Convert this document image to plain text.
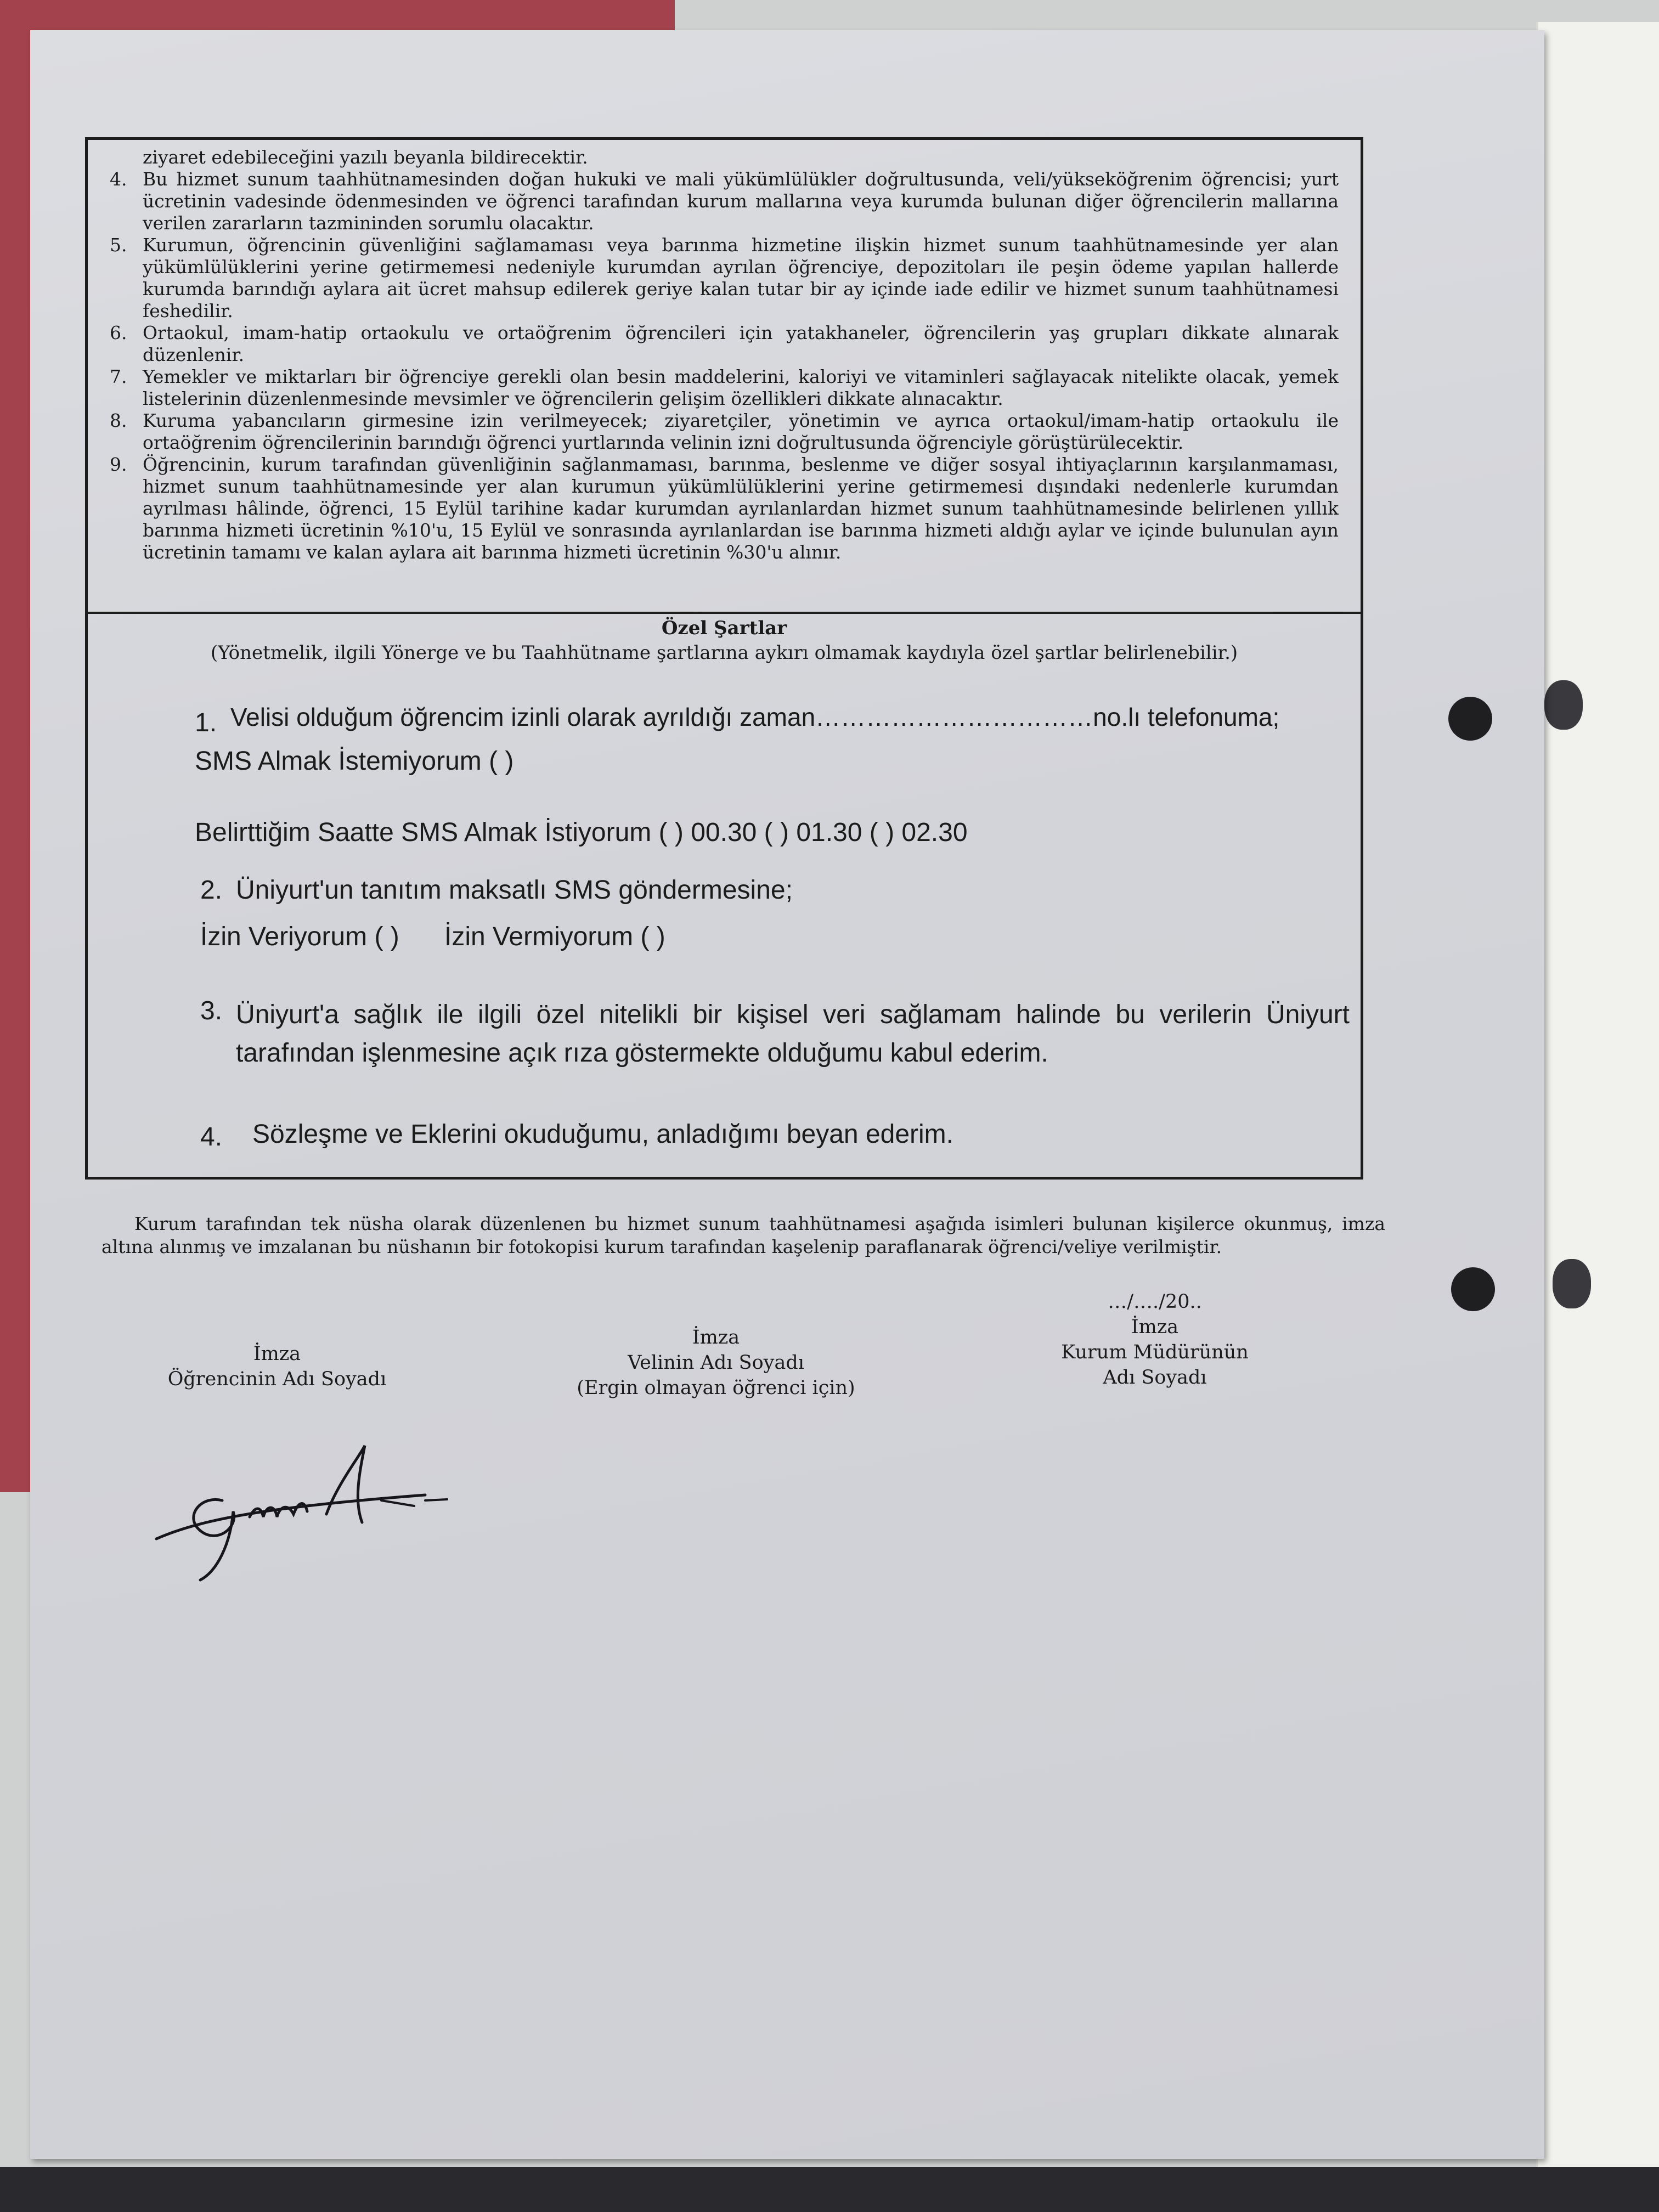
ziyaret edebileceğini yazılı beyanla bildirecektir.
4. Bu hizmet sunum taahhütnamesinden doğan hukuki ve mali yükümlülükler doğrultusunda, veli/yükseköğrenim öğrencisi; yurt ücretinin vadesinde ödenmesinden ve öğrenci tarafından kurum mallarına veya kurumda bulunan diğer öğrencilerin mallarına verilen zararların tazmininden sorumlu olacaktır.
5. Kurumun, öğrencinin güvenliğini sağlamaması veya barınma hizmetine ilişkin hizmet sunum taahhütnamesinde yer alan yükümlülüklerini yerine getirmemesi nedeniyle kurumdan ayrılan öğrenciye, depozitoları ile peşin ödeme yapılan hallerde kurumda barındığı aylara ait ücret mahsup edilerek geriye kalan tutar bir ay içinde iade edilir ve hizmet sunum taahhütnamesi feshedilir.
6. Ortaokul, imam-hatip ortaokulu ve ortaöğrenim öğrencileri için yatakhaneler, öğrencilerin yaş grupları dikkate alınarak düzenlenir.
7. Yemekler ve miktarları bir öğrenciye gerekli olan besin maddelerini, kaloriyi ve vitaminleri sağlayacak nitelikte olacak, yemek listelerinin düzenlenmesinde mevsimler ve öğrencilerin gelişim özellikleri dikkate alınacaktır.
8. Kuruma yabancıların girmesine izin verilmeyecek; ziyaretçiler, yönetimin ve ayrıca ortaokul/imam-hatip ortaokulu ile ortaöğrenim öğrencilerinin barındığı öğrenci yurtlarında velinin izni doğrultusunda öğrenciyle görüştürülecektir.
9. Öğrencinin, kurum tarafından güvenliğinin sağlanmaması, barınma, beslenme ve diğer sosyal ihtiyaçlarının karşılanmaması, hizmet sunum taahhütnamesinde yer alan kurumun yükümlülüklerini yerine getirmemesi dışındaki nedenlerle kurumdan ayrılması hâlinde, öğrenci, 15 Eylül tarihine kadar kurumdan ayrılanlardan hizmet sunum taahhütnamesinde belirlenen yıllık barınma hizmeti ücretinin %10'u, 15 Eylül ve sonrasında ayrılanlardan ise barınma hizmeti aldığı aylar ve içinde bulunulan ayın ücretinin tamamı ve kalan aylara ait barınma hizmeti ücretinin %30'u alınır.
Özel Şartlar
(Yönetmelik, ilgili Yönerge ve bu Taahhütname şartlarına aykırı olmamak kaydıyla özel şartlar belirlenebilir.)
1. Velisi olduğum öğrencim izinli olarak ayrıldığı zaman……………………………no.lı telefonuma;
SMS Almak İstemiyorum ( )
Belirttiğim Saatte SMS Almak İstiyorum ( ) 00.30 ( ) 01.30 ( ) 02.30
2. Üniyurt'un tanıtım maksatlı SMS göndermesine;
İzin Veriyorum ( ) İzin Vermiyorum ( )
3. Üniyurt'a sağlık ile ilgili özel nitelikli bir kişisel veri sağlamam halinde bu verilerin Üniyurt tarafından işlenmesine açık rıza göstermekte olduğumu kabul ederim.
4. Sözleşme ve Eklerini okuduğumu, anladığımı beyan ederim.
Kurum tarafından tek nüsha olarak düzenlenen bu hizmet sunum taahhütnamesi aşağıda isimleri bulunan kişilerce okunmuş, imza altına alınmış ve imzalanan bu nüshanın bir fotokopisi kurum tarafından kaşelenip paraflanarak öğrenci/veliye verilmiştir.
İmza
Öğrencinin Adı Soyadı
İmza
Velinin Adı Soyadı
(Ergin olmayan öğrenci için)
…/…./20..
İmza
Kurum Müdürünün
Adı Soyadı
